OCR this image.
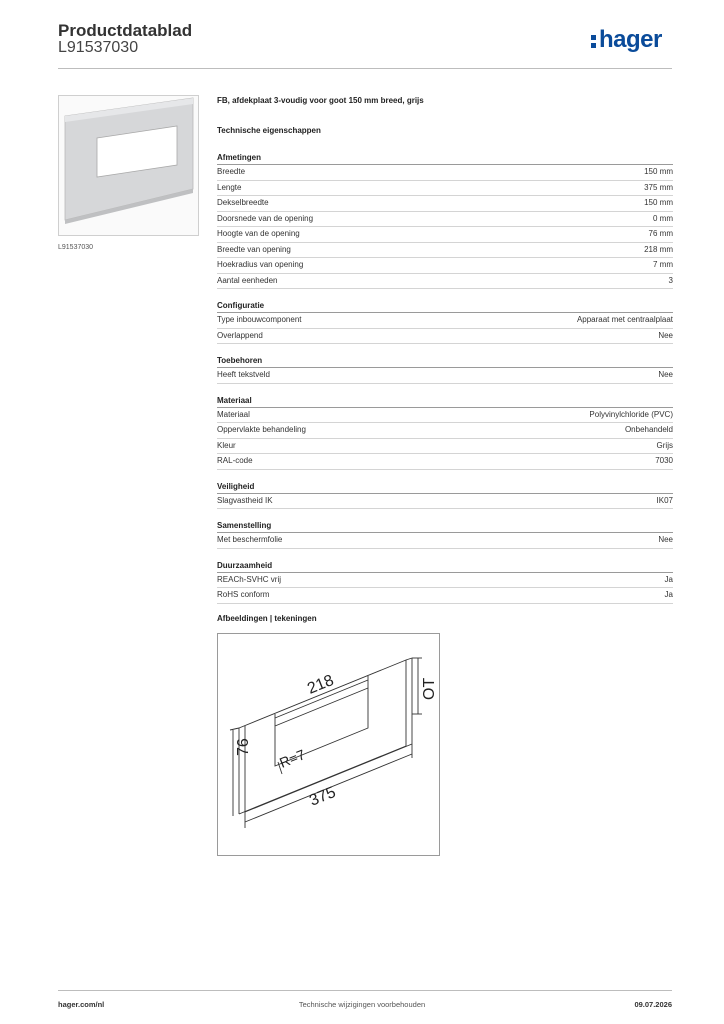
Productdatablad
L91537030	hager
L91537030
FB, afdekplaat 3-voudig voor goot 150 mm breed, grijs
Technische eigenschappen
Afmetingen
Breedte	150 mm
Lengte	375 mm
Dekselbreedte	150 mm
Doorsnede van de opening	0 mm
Hoogte van de opening	76 mm
Breedte van opening	218 mm
Hoekradius van opening	7 mm
Aantal eenheden	3
Configuratie
Type inbouwcomponent	Apparaat met centraalplaat
Overlappend	Nee
Toebehoren
Heeft tekstveld	Nee
Materiaal
Materiaal	Polyvinylchloride (PVC)
Oppervlakte behandeling	Onbehandeld
Kleur	Grijs
RAL-code	7030
Veiligheid
Slagvastheid IK	IK07
Samenstelling
Met beschermfolie	Nee
Duurzaamheid
REACh-SVHC vrij	Ja
RoHS conform	Ja
Afbeeldingen | tekeningen
218
76
OT
R=7
375
hager.com/nl	Technische wijzigingen voorbehouden	09.07.2026
